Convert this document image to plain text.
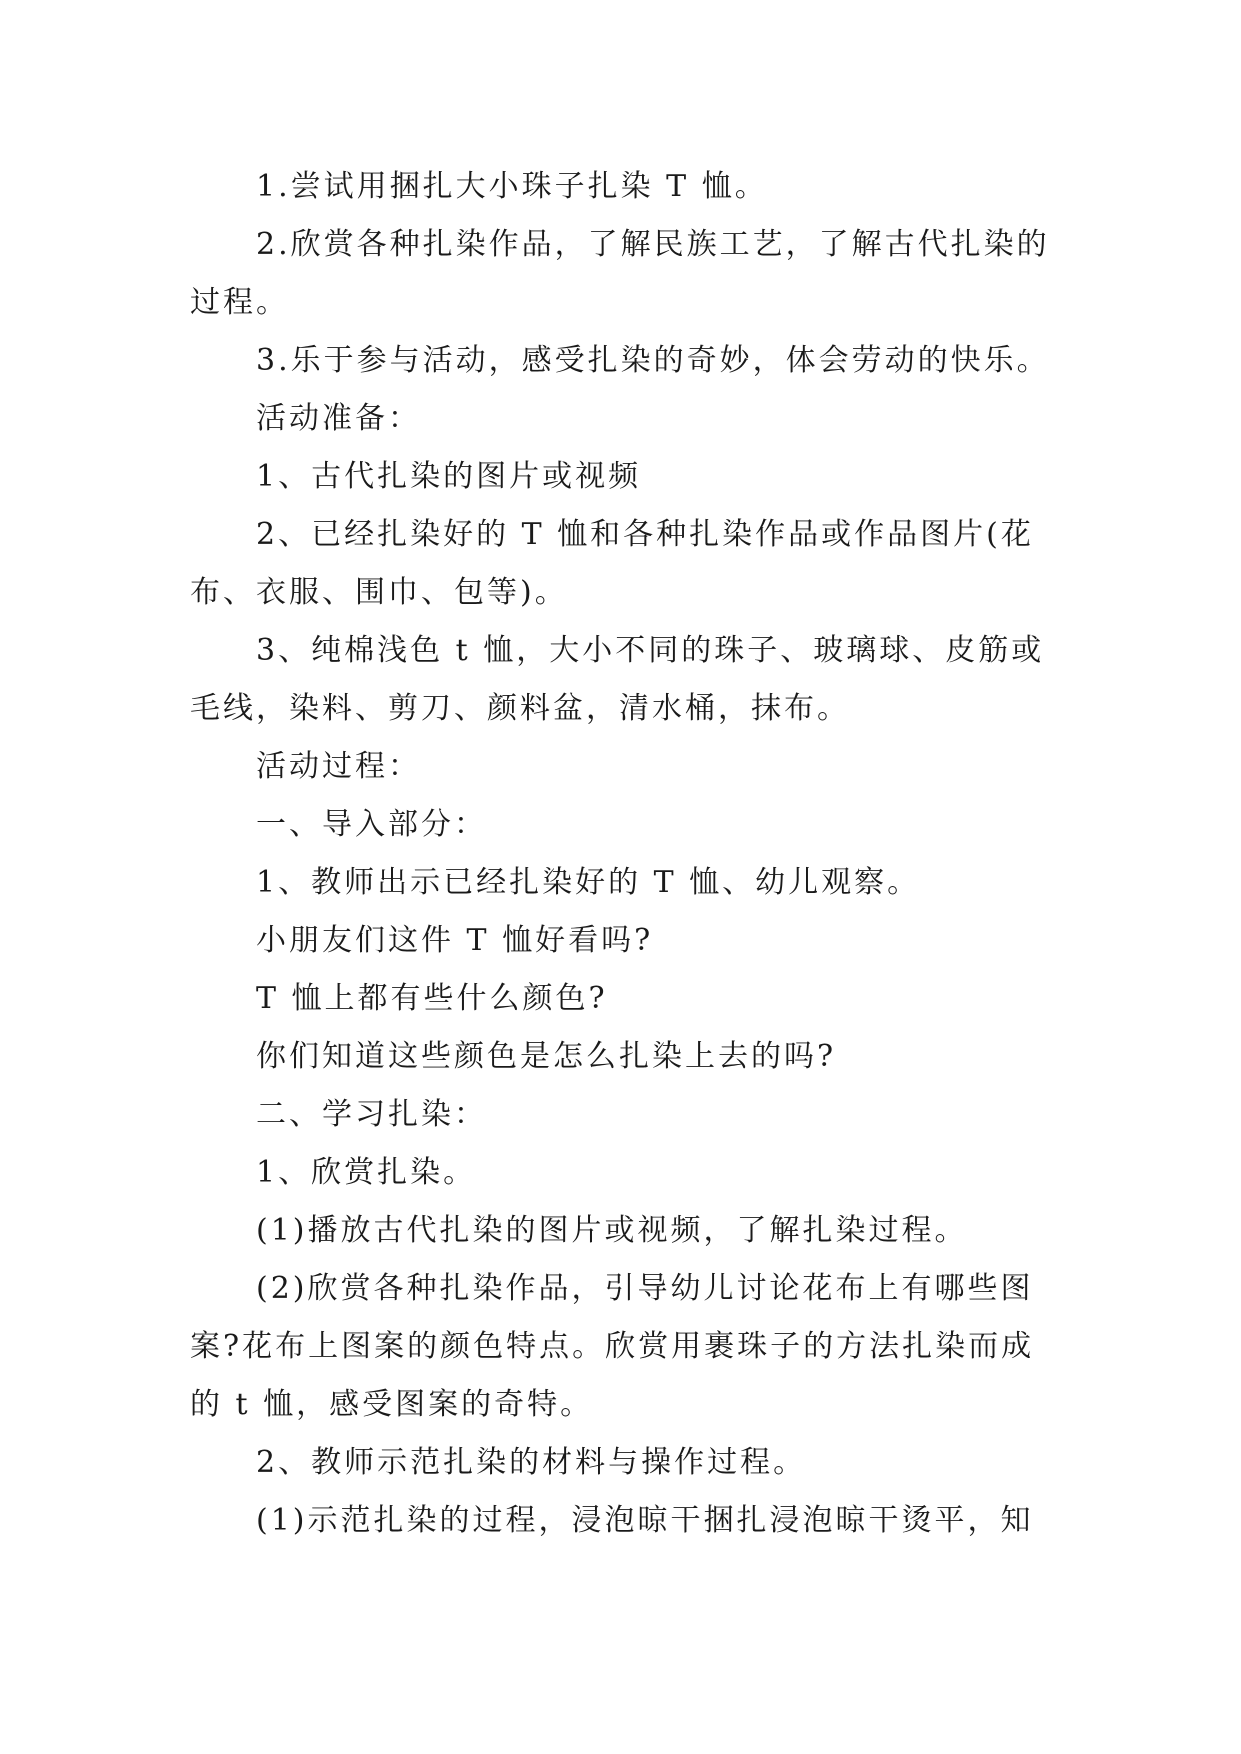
1.尝试用捆扎大小珠子扎染 T 恤。

2.欣赏各种扎染作品，了解民族工艺，了解古代扎染的过程。

3.乐于参与活动，感受扎染的奇妙，体会劳动的快乐。

活动准备：

1、古代扎染的图片或视频

2、已经扎染好的 T 恤和各种扎染作品或作品图片(花布、衣服、围巾、包等)。

3、纯棉浅色 t 恤，大小不同的珠子、玻璃球、皮筋或毛线，染料、剪刀、颜料盆，清水桶，抹布。

活动过程：

一、导入部分：

1、教师出示已经扎染好的 T 恤、幼儿观察。

小朋友们这件 T 恤好看吗?

T 恤上都有些什么颜色?

你们知道这些颜色是怎么扎染上去的吗?

二、学习扎染：

1、欣赏扎染。

(1)播放古代扎染的图片或视频，了解扎染过程。

(2)欣赏各种扎染作品，引导幼儿讨论花布上有哪些图案?花布上图案的颜色特点。欣赏用裹珠子的方法扎染而成的 t 恤，感受图案的奇特。

2、教师示范扎染的材料与操作过程。

(1)示范扎染的过程，浸泡晾干捆扎浸泡晾干烫平，知
